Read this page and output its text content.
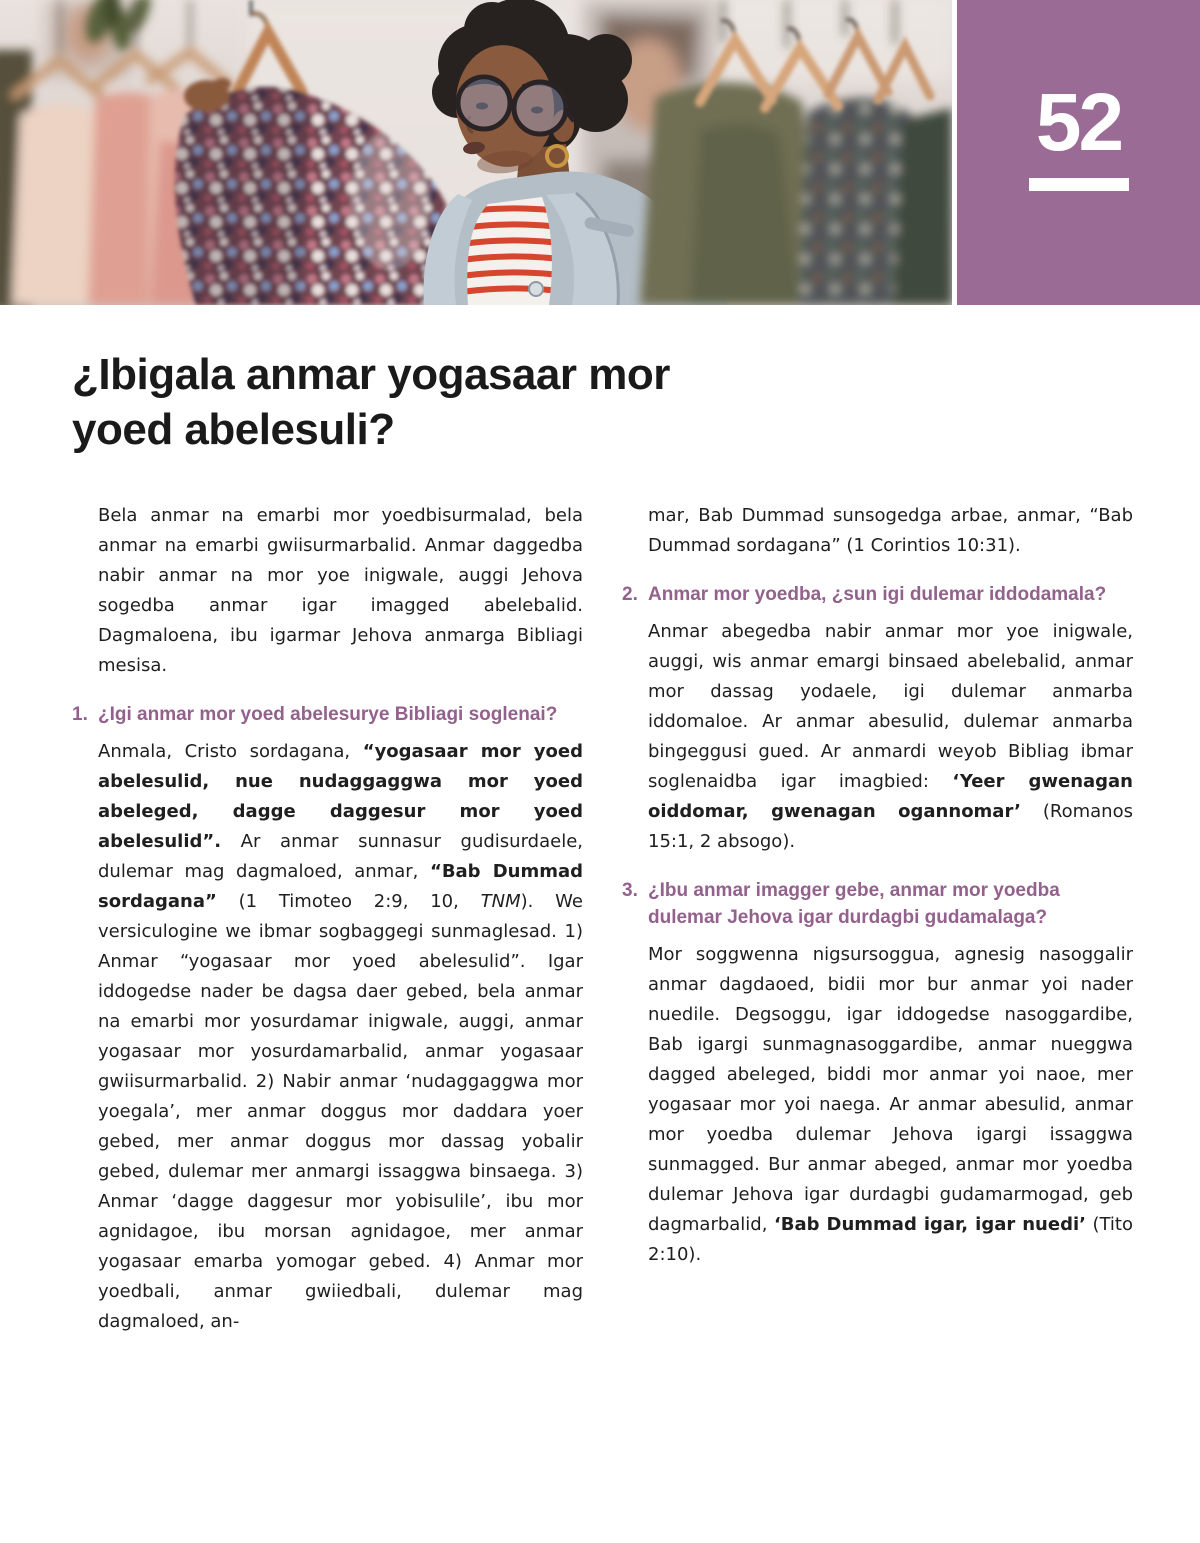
52
¿Ibigala anmar yogasaar mor yoed abelesuli?

Bela anmar na emarbi mor yoedbisurmalad, bela anmar na emarbi gwiisurmarbalid. Anmar daggedba nabir anmar na mor yoe inigwale, auggi Jehova sogedba anmar igar imagged abelebalid. Dagmaloena, ibu igarmar Jehova anmarga Bibliagi mesisa.

1. ¿Igi anmar mor yoed abelesurye Bibliagi soglenai?

Anmala, Cristo sordagana, “yogasaar mor yoed abelesulid, nue nudaggaggwa mor yoed abeleged, dagge daggesur mor yoed abelesulid”. Ar anmar sunnasur gudisurdaele, dulemar mag dagmaloed, anmar, “Bab Dummad sordagana” (1 Timoteo 2:9, 10, TNM). We versiculogine we ibmar sogbaggegi sunmaglesad. 1) Anmar “yogasaar mor yoed abelesulid”. Igar iddogedse nader be dagsa daer gebed, bela anmar na emarbi mor yosurdamar inigwale, auggi, anmar yogasaar mor yosurdamarbalid, anmar yogasaar gwiisurmarbalid. 2) Nabir anmar ‘nudaggaggwa mor yoegala’, mer anmar doggus mor daddara yoer gebed, mer anmar doggus mor dassag yobalir gebed, dulemar mer anmargi issaggwa binsaega. 3) Anmar ‘dagge daggesur mor yobisulile’, ibu mor agnidagoe, ibu morsan agnidagoe, mer anmar yogasaar emarba yomogar gebed. 4) Anmar mor yoedbali, anmar gwiiedbali, dulemar mag dagmaloed, an-

mar, Bab Dummad sunsogedga arbae, anmar, “Bab Dummad sordagana” (1 Corintios 10:31).

2. Anmar mor yoedba, ¿sun igi dulemar iddodamala?

Anmar abegedba nabir anmar mor yoe inigwale, auggi, wis anmar emargi binsaed abelebalid, anmar mor dassag yodaele, igi dulemar anmarba iddomaloe. Ar anmar abesulid, dulemar anmarba bingeggusi gued. Ar anmardi weyob Bibliag ibmar soglenaidba igar imagbied: ‘Yeer gwenagan oiddomar, gwenagan ogannomar’ (Romanos 15:1, 2 absogo).

3. ¿Ibu anmar imagger gebe, anmar mor yoedba dulemar Jehova igar durdagbi gudamalaga?

Mor soggwenna nigsursoggua, agnesig nasoggalir anmar dagdaoed, bidii mor bur anmar yoi nader nuedile. Degsoggu, igar iddogedse nasoggardibe, Bab igargi sunmagnasoggardibe, anmar nueggwa dagged abeleged, biddi mor anmar yoi naoe, mer yogasaar mor yoi naega. Ar anmar abesulid, anmar mor yoedba dulemar Jehova igargi issaggwa sunmagged. Bur anmar abeged, anmar mor yoedba dulemar Jehova igar durdagbi gudamarmogad, geb dagmarbalid, ‘Bab Dummad igar, igar nuedi’ (Tito 2:10).
